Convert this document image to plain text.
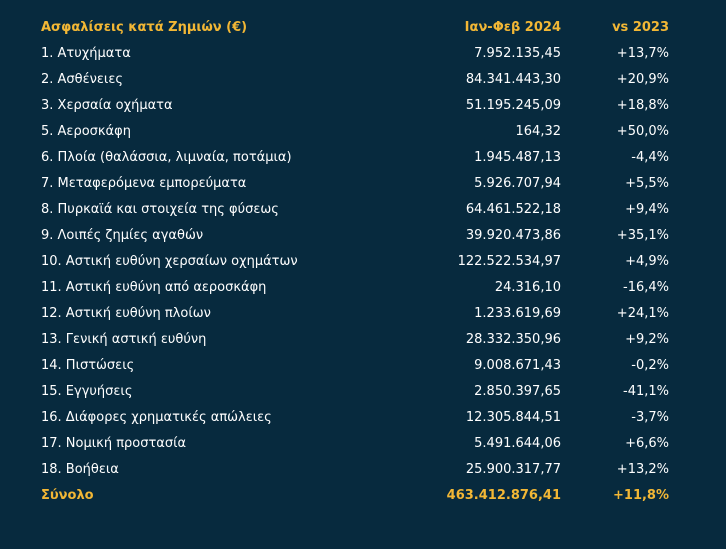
Ασφαλίσεις κατά Ζημιών (€)	Ιαν-Φεβ 2024	vs 2023
1. Ατυχήματα	7.952.135,45	+13,7%
2. Ασθένειες	84.341.443,30	+20,9%
3. Χερσαία οχήματα	51.195.245,09	+18,8%
5. Αεροσκάφη	164,32	+50,0%
6. Πλοία (θαλάσσια, λιμναία, ποτάμια)	1.945.487,13	-4,4%
7. Μεταφερόμενα εμπορεύματα	5.926.707,94	+5,5%
8. Πυρκαϊά και στοιχεία της φύσεως	64.461.522,18	+9,4%
9. Λοιπές ζημίες αγαθών	39.920.473,86	+35,1%
10. Αστική ευθύνη χερσαίων οχημάτων	122.522.534,97	+4,9%
11. Αστική ευθύνη από αεροσκάφη	24.316,10	-16,4%
12. Αστική ευθύνη πλοίων	1.233.619,69	+24,1%
13. Γενική αστική ευθύνη	28.332.350,96	+9,2%
14. Πιστώσεις	9.008.671,43	-0,2%
15. Εγγυήσεις	2.850.397,65	-41,1%
16. Διάφορες χρηματικές απώλειες	12.305.844,51	-3,7%
17. Νομική προστασία	5.491.644,06	+6,6%
18. Βοήθεια	25.900.317,77	+13,2%
Σύνολο	463.412.876,41	+11,8%
